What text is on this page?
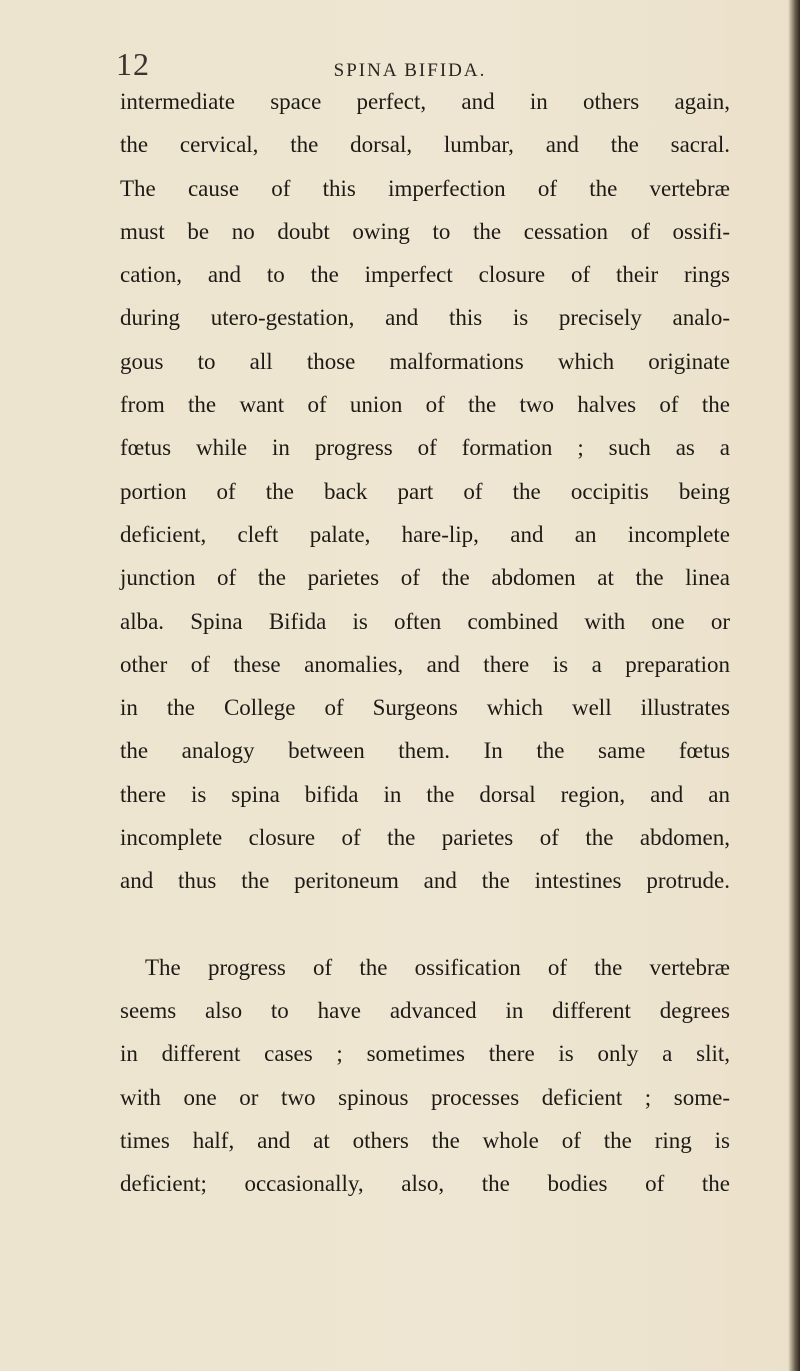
12	SPINA BIFIDA.
intermediate space perfect, and in others again,
the cervical, the dorsal, lumbar, and the sacral.
The cause of this imperfection of the vertebræ
must be no doubt owing to the cessation of ossifi-
cation, and to the imperfect closure of their rings
during utero-gestation, and this is precisely analo-
gous to all those malformations which originate
from the want of union of the two halves of the
fœtus while in progress of formation ; such as a
portion of the back part of the occipitis being
deficient, cleft palate, hare-lip, and an incomplete
junction of the parietes of the abdomen at the linea
alba. Spina Bifida is often combined with one or
other of these anomalies, and there is a preparation
in the College of Surgeons which well illustrates
the analogy between them. In the same fœtus
there is spina bifida in the dorsal region, and an
incomplete closure of the parietes of the abdomen,
and thus the peritoneum and the intestines protrude.
The progress of the ossification of the vertebræ
seems also to have advanced in different degrees
in different cases ; sometimes there is only a slit,
with one or two spinous processes deficient ; some-
times half, and at others the whole of the ring is
deficient; occasionally, also, the bodies of the
